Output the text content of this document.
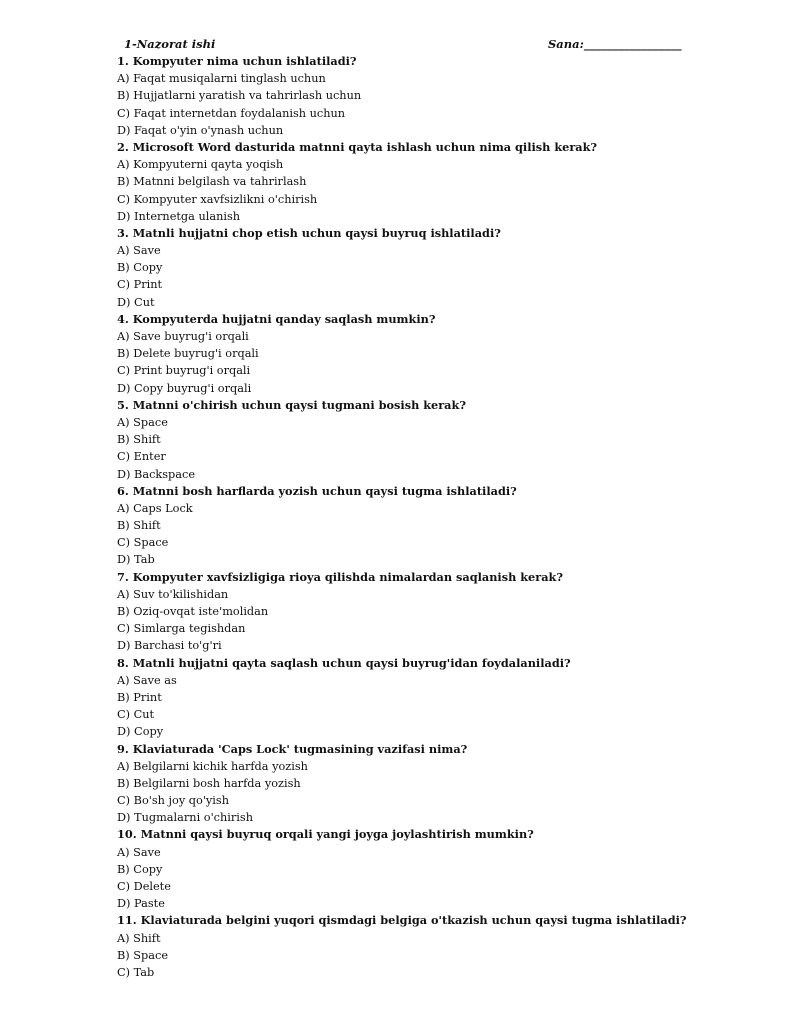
1-Nazorat ishi	Sana:_________________
1. Kompyuter nima uchun ishlatiladi?
A) Faqat musiqalarni tinglash uchun
B) Hujjatlarni yaratish va tahrirlash uchun
C) Faqat internetdan foydalanish uchun
D) Faqat o'yin o'ynash uchun
2. Microsoft Word dasturida matnni qayta ishlash uchun nima qilish kerak?
A) Kompyuterni qayta yoqish
B) Matnni belgilash va tahrirlash
C) Kompyuter xavfsizlikni o'chirish
D) Internetga ulanish
3. Matnli hujjatni chop etish uchun qaysi buyruq ishlatiladi?
A) Save
B) Copy
C) Print
D) Cut
4. Kompyuterda hujjatni qanday saqlash mumkin?
A) Save buyrug'i orqali
B) Delete buyrug'i orqali
C) Print buyrug'i orqali
D) Copy buyrug'i orqali
5. Matnni o'chirish uchun qaysi tugmani bosish kerak?
A) Space
B) Shift
C) Enter
D) Backspace
6. Matnni bosh harflarda yozish uchun qaysi tugma ishlatiladi?
A) Caps Lock
B) Shift
C) Space
D) Tab
7. Kompyuter xavfsizligiga rioya qilishda nimalardan saqlanish kerak?
A) Suv to'kilishidan
B) Oziq-ovqat iste'molidan
C) Simlarga tegishdan
D) Barchasi to'g'ri
8. Matnli hujjatni qayta saqlash uchun qaysi buyrug'idan foydalaniladi?
A) Save as
B) Print
C) Cut
D) Copy
9. Klaviaturada 'Caps Lock' tugmasining vazifasi nima?
A) Belgilarni kichik harfda yozish
B) Belgilarni bosh harfda yozish
C) Bo'sh joy qo'yish
D) Tugmalarni o'chirish
10. Matnni qaysi buyruq orqali yangi joyga joylashtirish mumkin?
A) Save
B) Copy
C) Delete
D) Paste
11. Klaviaturada belgini yuqori qismdagi belgiga o'tkazish uchun qaysi tugma ishlatiladi?
A) Shift
B) Space
C) Tab
